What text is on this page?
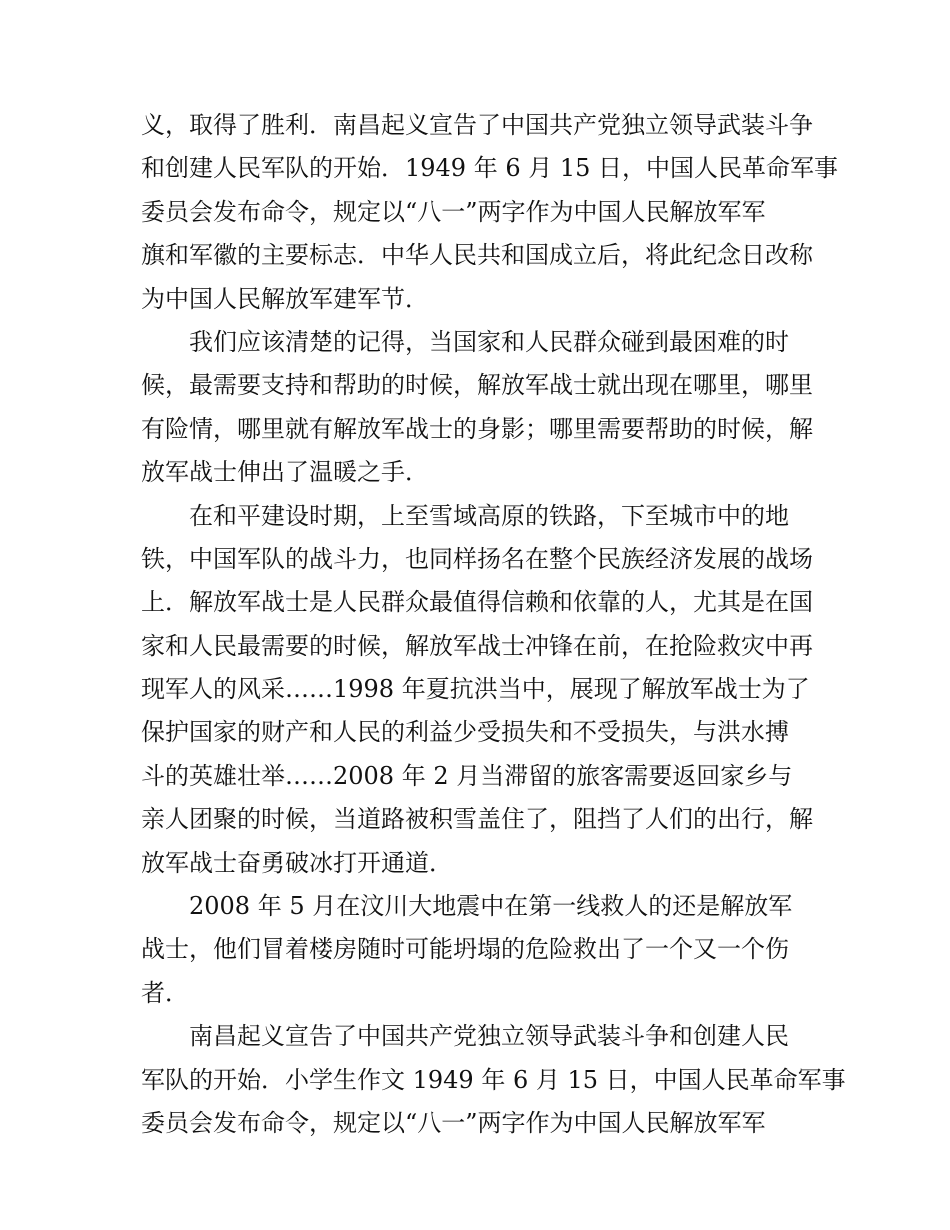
义，取得了胜利．南昌起义宣告了中国共产党独立领导武装斗争
和创建人民军队的开始．1949 年 6 月 15 日，中国人民革命军事
委员会发布命令，规定以“八一”两字作为中国人民解放军军
旗和军徽的主要标志．中华人民共和国成立后，将此纪念日改称
为中国人民解放军建军节．
我们应该清楚的记得，当国家和人民群众碰到最困难的时
候，最需要支持和帮助的时候，解放军战士就出现在哪里，哪里
有险情，哪里就有解放军战士的身影；哪里需要帮助的时候，解
放军战士伸出了温暖之手．
在和平建设时期，上至雪域高原的铁路，下至城市中的地
铁，中国军队的战斗力，也同样扬名在整个民族经济发展的战场
上．解放军战士是人民群众最值得信赖和依靠的人，尤其是在国
家和人民最需要的时候，解放军战士冲锋在前，在抢险救灾中再
现军人的风采……1998 年夏抗洪当中，展现了解放军战士为了
保护国家的财产和人民的利益少受损失和不受损失，与洪水搏
斗的英雄壮举……2008 年 2 月当滞留的旅客需要返回家乡与
亲人团聚的时候，当道路被积雪盖住了，阻挡了人们的出行，解
放军战士奋勇破冰打开通道．
2008 年 5 月在汶川大地震中在第一线救人的还是解放军
战士，他们冒着楼房随时可能坍塌的危险救出了一个又一个伤
者．
南昌起义宣告了中国共产党独立领导武装斗争和创建人民
军队的开始．小学生作文 1949 年 6 月 15 日，中国人民革命军事
委员会发布命令，规定以“八一”两字作为中国人民解放军军
